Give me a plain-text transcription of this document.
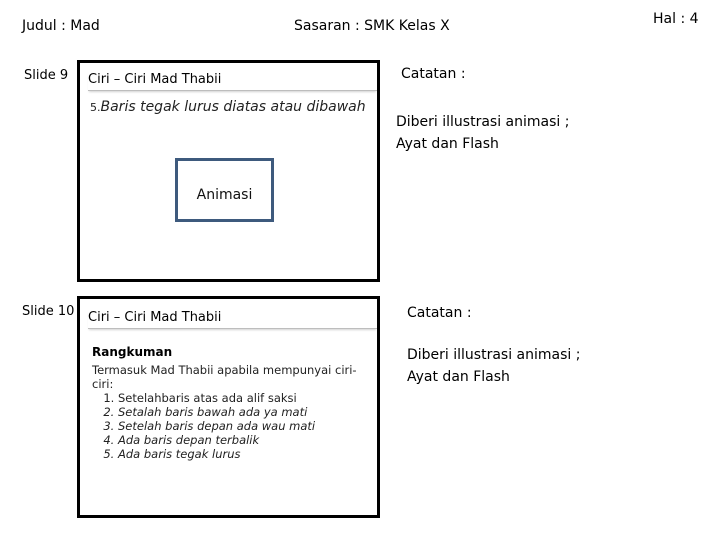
Judul : Mad	Sasaran : SMK Kelas X	Hal : 4
Slide 9 Ciri – Ciri Mad Thabii
5.Baris tegak lurus diatas atau dibawah
Animasi
Catatan :
Diberi illustrasi animasi ; Ayat dan Flash
Slide 10 Ciri – Ciri Mad Thabii
Rangkuman
Termasuk Mad Thabii apabila mempunyai ciri-ciri:
1. Setelahbaris atas ada alif saksi
2. Setalah baris bawah ada ya mati
3. Setelah baris depan ada wau mati
4. Ada baris depan terbalik
5. Ada baris tegak lurus
Catatan :
Diberi illustrasi animasi ; Ayat dan Flash
